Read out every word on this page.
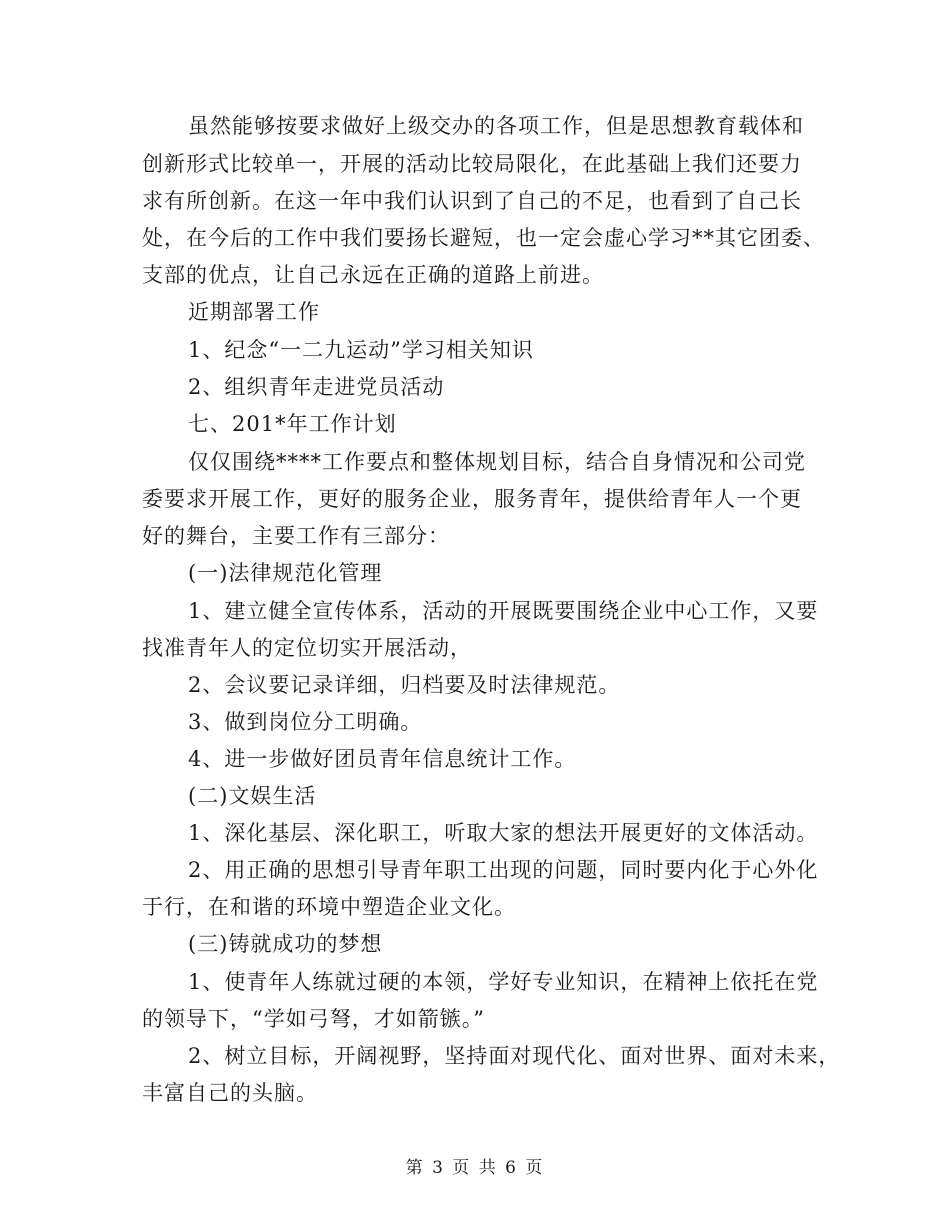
虽然能够按要求做好上级交办的各项工作，但是思想教育载体和
创新形式比较单一，开展的活动比较局限化，在此基础上我们还要力
求有所创新。在这一年中我们认识到了自己的不足，也看到了自己长
处，在今后的工作中我们要扬长避短，也一定会虚心学习**其它团委、
支部的优点，让自己永远在正确的道路上前进。
近期部署工作
1、纪念“一二九运动”学习相关知识
2、组织青年走进党员活动
七、201*年工作计划
仅仅围绕****工作要点和整体规划目标，结合自身情况和公司党
委要求开展工作，更好的服务企业，服务青年，提供给青年人一个更
好的舞台，主要工作有三部分：
(一)法律规范化管理
1、建立健全宣传体系，活动的开展既要围绕企业中心工作，又要
找准青年人的定位切实开展活动，
2、会议要记录详细，归档要及时法律规范。
3、做到岗位分工明确。
4、进一步做好团员青年信息统计工作。
(二)文娱生活
1、深化基层、深化职工，听取大家的想法开展更好的文体活动。
2、用正确的思想引导青年职工出现的问题，同时要内化于心外化
于行，在和谐的环境中塑造企业文化。
(三)铸就成功的梦想
1、使青年人练就过硬的本领，学好专业知识，在精神上依托在党
的领导下，“学如弓弩，才如箭镞。”
2、树立目标，开阔视野，坚持面对现代化、面对世界、面对未来，
丰富自己的头脑。
第 3 页 共 6 页
